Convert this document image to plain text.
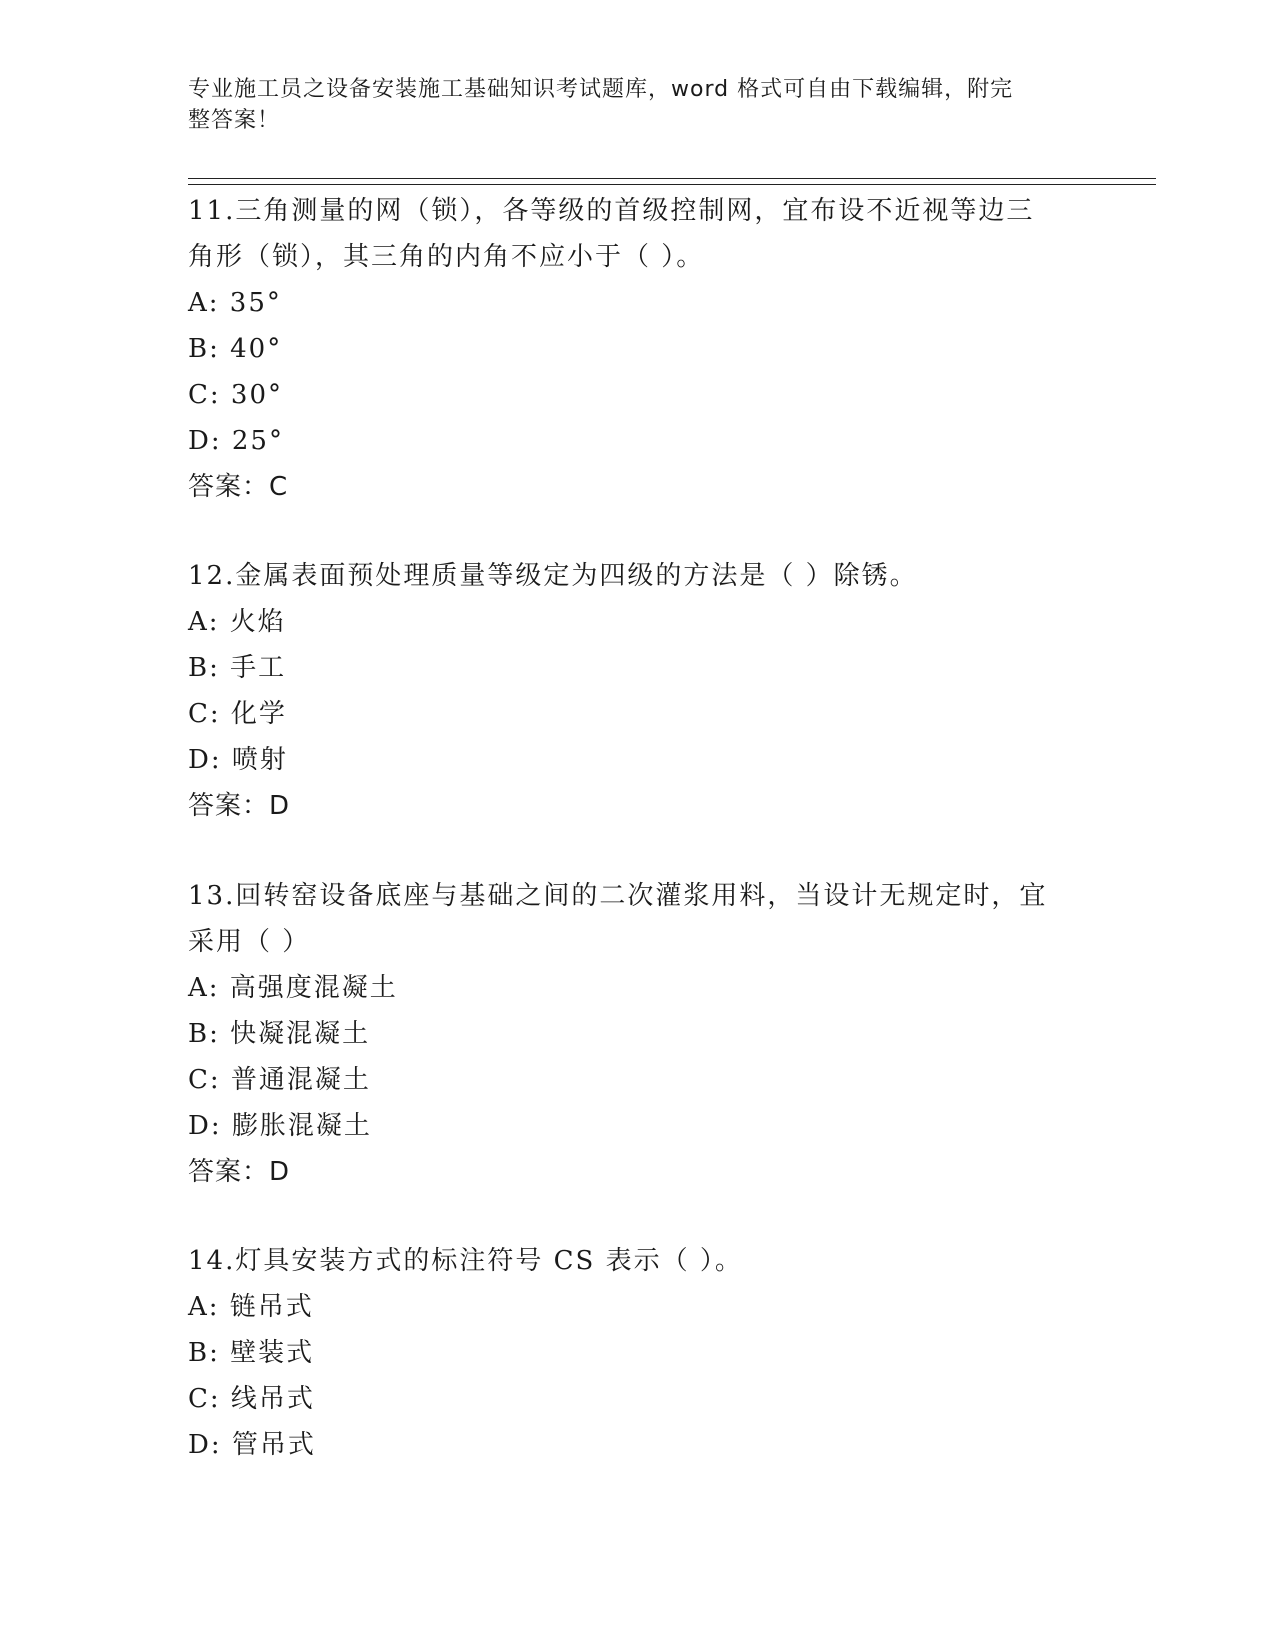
专业施工员之设备安装施工基础知识考试题库，word 格式可自由下载编辑，附完
整答案！
11.三角测量的网（锁），各等级的首级控制网，宜布设不近视等边三
角形（锁），其三角的内角不应小于（ ）。
A: 35°
B: 40°
C: 30°
D: 25°
答案：C
12.金属表面预处理质量等级定为四级的方法是（ ）除锈。
A: 火焰
B: 手工
C: 化学
D: 喷射
答案：D
13.回转窑设备底座与基础之间的二次灌浆用料，当设计无规定时，宜
采用（ ）
A: 高强度混凝土
B: 快凝混凝土
C: 普通混凝土
D: 膨胀混凝土
答案：D
14.灯具安装方式的标注符号 CS 表示（ ）。
A: 链吊式
B: 壁装式
C: 线吊式
D: 管吊式
